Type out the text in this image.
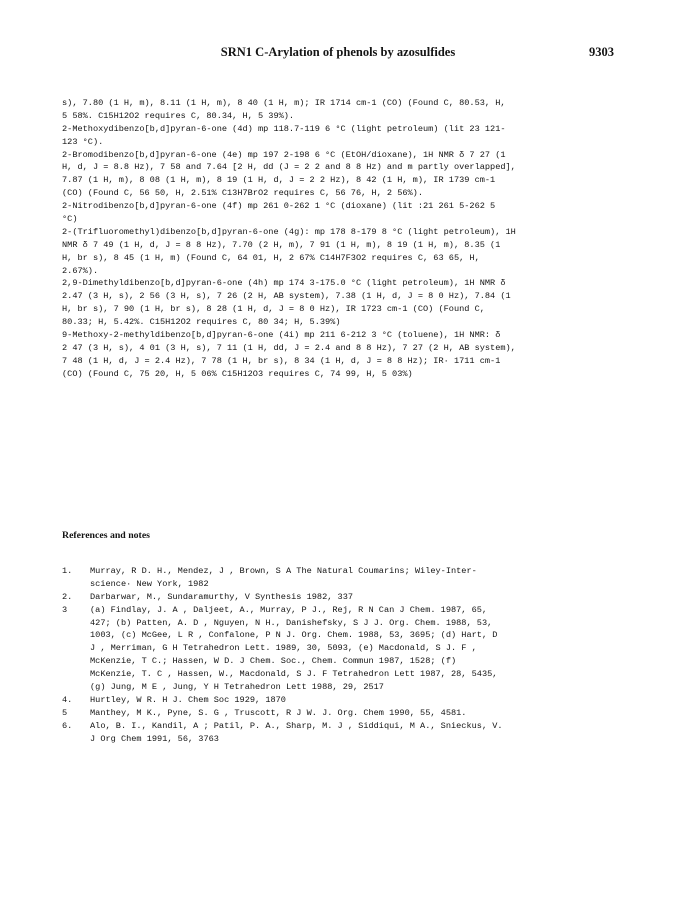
SRN1 C-Arylation of phenols by azosulfides	9303
s), 7.80 (1 H, m), 8.11 (1 H, m), 8 40 (1 H, m); IR 1714 cm-1 (CO) (Found C, 80.53, H,
5 58%. C15H12O2 requires C, 80.34, H, 5 39%).
2-Methoxydibenzo[b,d]pyran-6-one (4d) mp 118.7-119 6 °C (light petroleum) (lit 23 121-
123 °C).
2-Bromodibenzo[b,d]pyran-6-one (4e) mp 197 2-198 6 °C (EtOH/dioxane), 1H NMR δ 7 27 (1
H, d, J = 8.8 Hz), 7 58 and 7.64 [2 H, dd (J = 2 2 and 8 8 Hz) and m partly overlapped],
7.87 (1 H, m), 8 08 (1 H, m), 8 19 (1 H, d, J = 2 2 Hz), 8 42 (1 H, m), IR 1739 cm-1
(CO) (Found C, 56 50, H, 2.51% C13H7BrO2 requires C, 56 76, H, 2 56%).
2-Nitrodibenzo[b,d]pyran-6-one (4f) mp 261 0-262 1 °C (dioxane) (lit :21 261 5-262 5
°C)
2-(Trifluoromethyl)dibenzo[b,d]pyran-6-one (4g): mp 178 8-179 8 °C (light petroleum), 1H
NMR δ 7 49 (1 H, d, J = 8 8 Hz), 7.70 (2 H, m), 7 91 (1 H, m), 8 19 (1 H, m), 8.35 (1
H, br s), 8 45 (1 H, m) (Found C, 64 01, H, 2 67% C14H7F3O2 requires C, 63 65, H,
2.67%).
2,9-Dimethyldibenzo[b,d]pyran-6-one (4h) mp 174 3-175.0 °C (light petroleum), 1H NMR δ
2.47 (3 H, s), 2 56 (3 H, s), 7 26 (2 H, AB system), 7.38 (1 H, d, J = 8 0 Hz), 7.84 (1
H, br s), 7 90 (1 H, br s), 8 28 (1 H, d, J = 8 0 Hz), IR 1723 cm-1 (CO) (Found C,
80.33; H, 5.42%. C15H12O2 requires C, 80 34; H, 5.39%)
9-Methoxy-2-methyldibenzo[b,d]pyran-6-one (4i) mp 211 6-212 3 °C (toluene), 1H NMR: δ
2 47 (3 H, s), 4 01 (3 H, s), 7 11 (1 H, dd, J = 2.4 and 8 8 Hz), 7 27 (2 H, AB system),
7 48 (1 H, d, J = 2.4 Hz), 7 78 (1 H, br s), 8 34 (1 H, d, J = 8 8 Hz); IR· 1711 cm-1
(CO) (Found C, 75 20, H, 5 06% C15H12O3 requires C, 74 99, H, 5 03%)
References and notes
1. Murray, R D. H., Mendez, J , Brown, S A The Natural Coumarins; Wiley-Inter-
science· New York, 1982
2. Darbarwar, M., Sundaramurthy, V Synthesis 1982, 337
3	(a) Findlay, J. A , Daljeet, A., Murray, P J., Rej, R N Can J Chem. 1987, 65,
427; (b) Patten, A. D , Nguyen, N H., Danishefsky, S J J. Org. Chem. 1988, 53,
1003, (c) McGee, L R , Confalone, P N J. Org. Chem. 1988, 53, 3695; (d) Hart, D
J , Merriman, G H Tetrahedron Lett. 1989, 30, 5093, (e) Macdonald, S J. F ,
McKenzie, T C.; Hassen, W D. J Chem. Soc., Chem. Commun 1987, 1528; (f)
McKenzie, T. C , Hassen, W., Macdonald, S J. F Tetrahedron Lett 1987, 28, 5435,
(g) Jung, M E , Jung, Y H Tetrahedron Lett 1988, 29, 2517
4. Hurtley, W R. H J. Chem Soc 1929, 1870
5	Manthey, M K., Pyne, S. G , Truscott, R J W. J. Org. Chem 1990, 55, 4581.
6. Alo, B. I., Kandil, A ; Patil, P. A., Sharp, M. J , Siddiqui, M A., Snieckus, V.
J Org Chem 1991, 56, 3763
